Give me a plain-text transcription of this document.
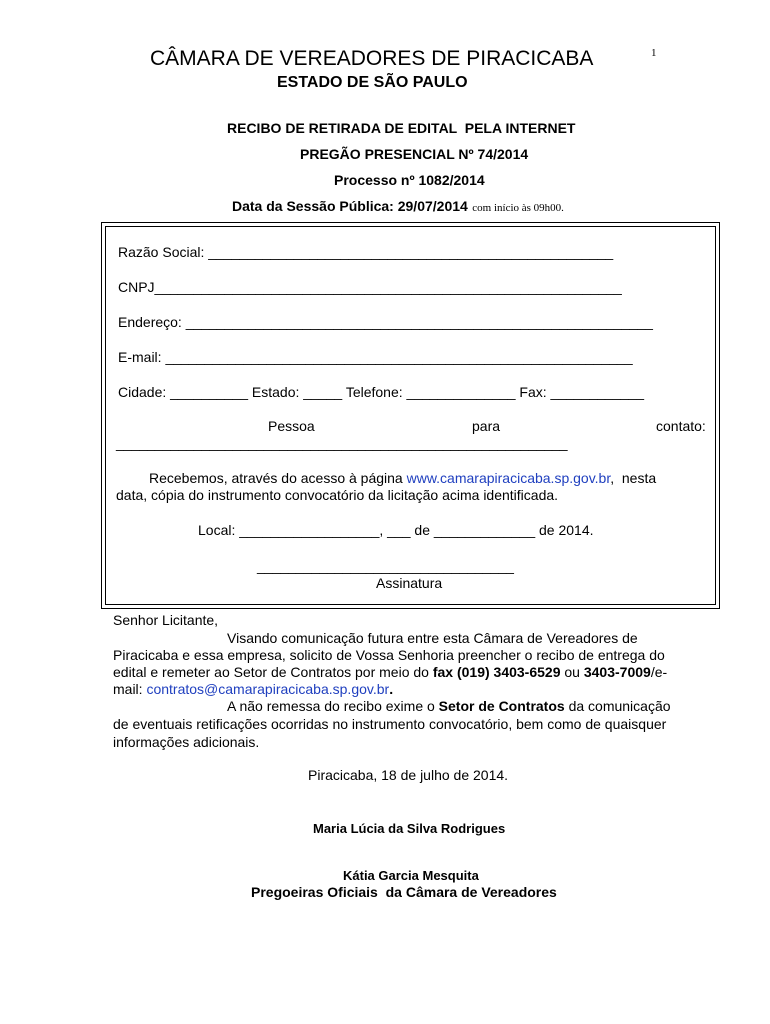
CÂMARA DE VEREADORES DE PIRACICABA	1
ESTADO DE SÃO PAULO
RECIBO DE RETIRADA DE EDITAL  PELA INTERNET
PREGÃO PRESENCIAL Nº 74/2014
Processo nº 1082/2014
Data da Sessão Pública: 29/07/2014 com início às 09h00.
Razão Social: ____________________________________________________
CNPJ____________________________________________________________
Endereço: ____________________________________________________________
E-mail: ____________________________________________________________
Cidade: __________ Estado: _____ Telefone: ______________ Fax: ____________
Pessoa	para	contato:
__________________________________________________________
Recebemos, através do acesso à página www.camarapiracicaba.sp.gov.br,  nesta
data, cópia do instrumento convocatório da licitação acima identificada.
Local: __________________, ___ de _____________ de 2014.
_________________________________
Assinatura
Senhor Licitante,
Visando comunicação futura entre esta Câmara de Vereadores de
Piracicaba e essa empresa, solicito de Vossa Senhoria preencher o recibo de entrega do
edital e remeter ao Setor de Contratos por meio do fax (019) 3403-6529 ou 3403-7009/e-
mail: contratos@camarapiracicaba.sp.gov.br.
A não remessa do recibo exime o Setor de Contratos da comunicação
de eventuais retificações ocorridas no instrumento convocatório, bem como de quaisquer
informações adicionais.
Piracicaba, 18 de julho de 2014.
Maria Lúcia da Silva Rodrigues
Kátia Garcia Mesquita
Pregoeiras Oficiais  da Câmara de Vereadores
